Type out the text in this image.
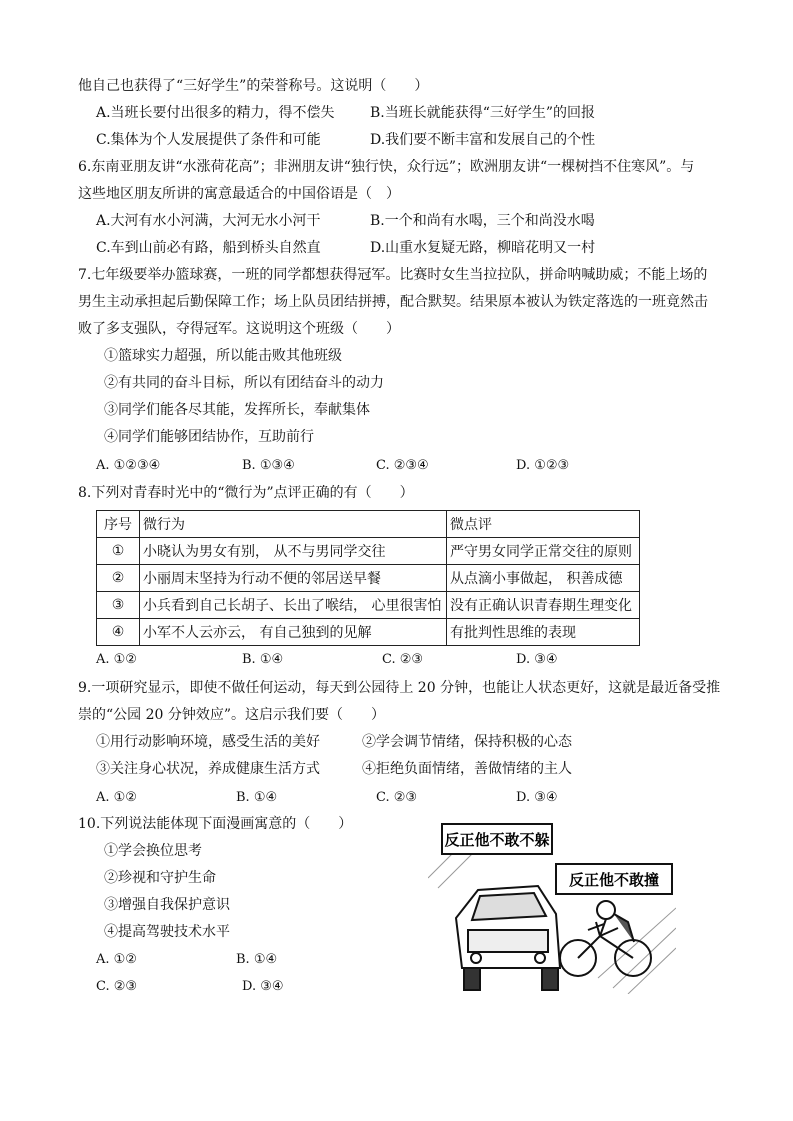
他自己也获得了“三好学生”的荣誉称号。这说明（　　）
A.当班长要付出很多的精力，得不偿失	B.当班长就能获得“三好学生”的回报
C.集体为个人发展提供了条件和可能	D.我们要不断丰富和发展自己的个性
6.东南亚朋友讲“水涨荷花高”；非洲朋友讲“独行快，众行远”；欧洲朋友讲“一棵树挡不住寒风”。与
这些地区朋友所讲的寓意最适合的中国俗语是（　）
A.大河有水小河满，大河无水小河干	B.一个和尚有水喝，三个和尚没水喝
C.车到山前必有路，船到桥头自然直	D.山重水复疑无路，柳暗花明又一村
7.七年级要举办篮球赛，一班的同学都想获得冠军。比赛时女生当拉拉队，拼命呐喊助威；不能上场的
男生主动承担起后勤保障工作；场上队员团结拼搏，配合默契。结果原本被认为铁定落选的一班竟然击
败了多支强队，夺得冠军。这说明这个班级（　　）
①篮球实力超强，所以能击败其他班级
②有共同的奋斗目标，所以有团结奋斗的动力
③同学们能各尽其能，发挥所长，奉献集体
④同学们能够团结协作，互助前行
A. ①②③④	B. ①③④	C. ②③④	D. ①②③
8.下列对青春时光中的“微行为”点评正确的有（　　）
序号	微行为	微点评
①	小晓认为男女有别， 从不与男同学交往	严守男女同学正常交往的原则
②	小丽周末坚持为行动不便的邻居送早餐	从点滴小事做起， 积善成德
③	小兵看到自己长胡子、长出了喉结， 心里很害怕	没有正确认识青春期生理变化
④	小军不人云亦云， 有自己独到的见解	有批判性思维的表现
A. ①②	B. ①④	C. ②③	D. ③④
9.一项研究显示，即使不做任何运动，每天到公园待上 20 分钟，也能让人状态更好，这就是最近备受推
崇的“公园 20 分钟效应”。这启示我们要（　　）
①用行动影响环境，感受生活的美好	②学会调节情绪，保持积极的心态
③关注身心状况，养成健康生活方式	④拒绝负面情绪，善做情绪的主人
A. ①②	B. ①④	C. ②③	D. ③④
10.下列说法能体现下面漫画寓意的（　　）
①学会换位思考
②珍视和守护生命
③增强自我保护意识
④提高驾驶技术水平
A. ①②	B. ①④
C. ②③	D. ③④
反正他不敢不躲
反正他不敢撞
